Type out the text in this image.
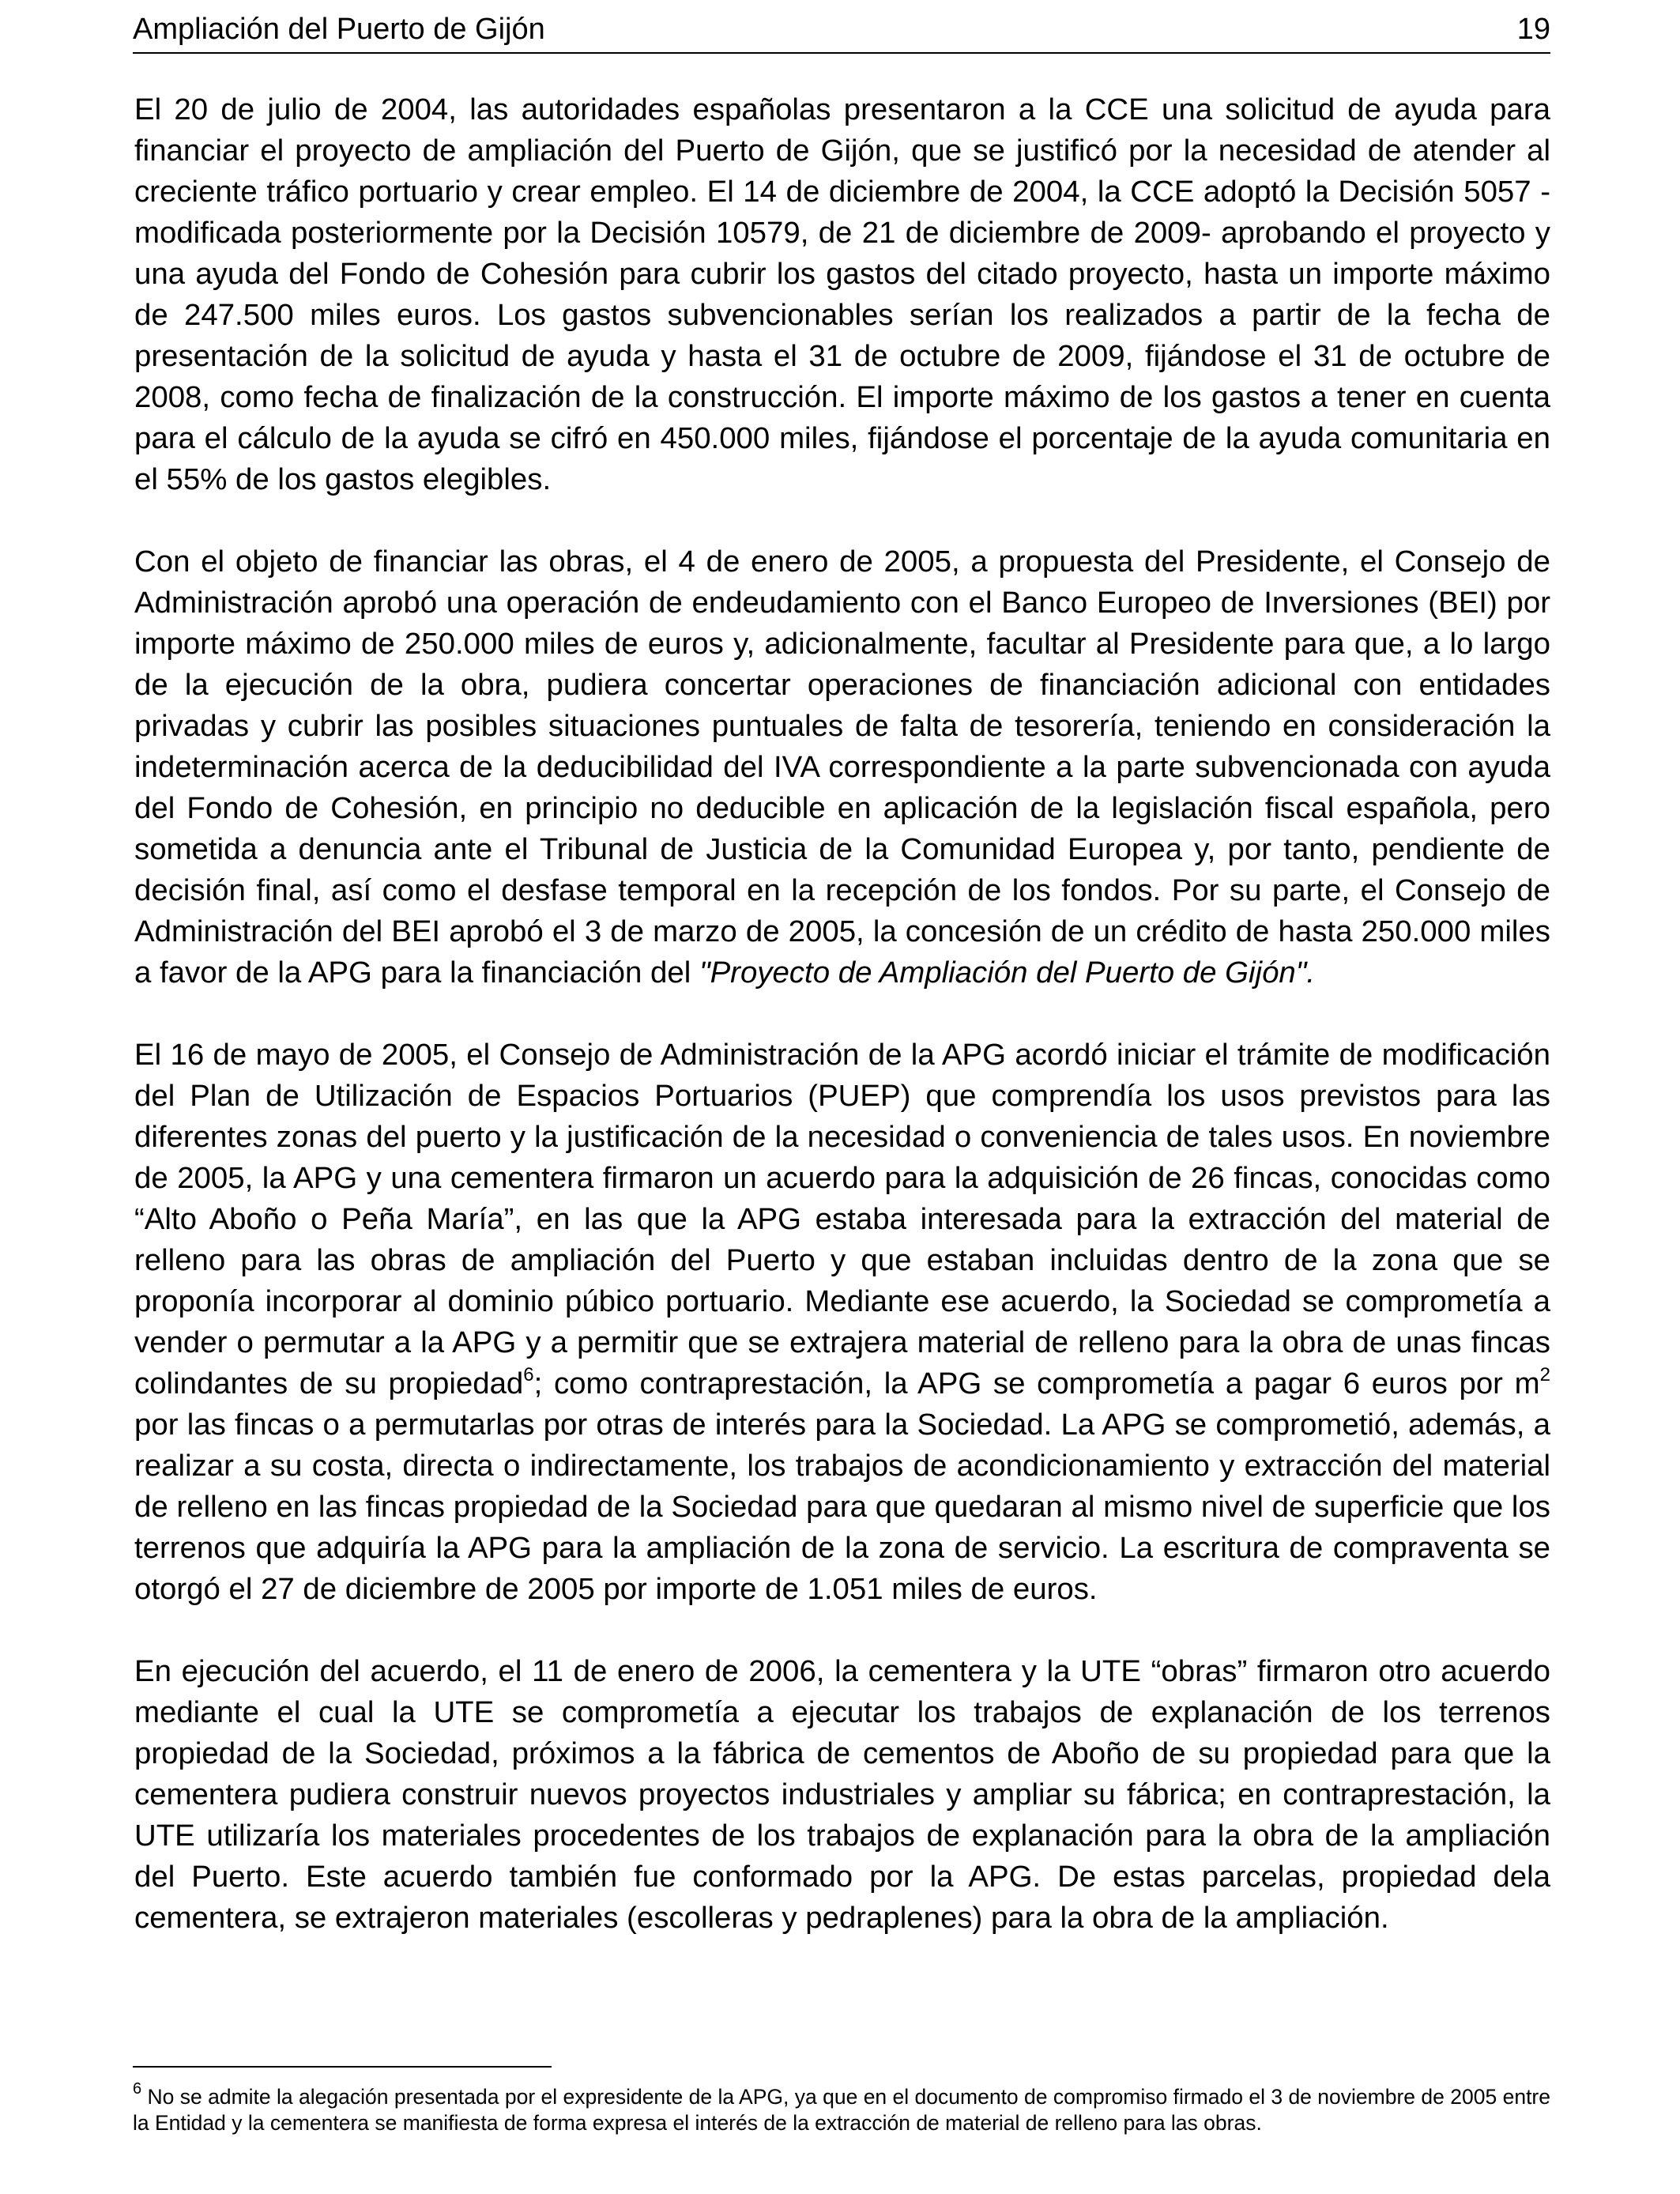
Ampliación del Puerto de Gijón	19

El 20 de julio de 2004, las autoridades españolas presentaron a la CCE una solicitud de ayuda para financiar el proyecto de ampliación del Puerto de Gijón, que se justificó por la necesidad de atender al creciente tráfico portuario y crear empleo. El 14 de diciembre de 2004, la CCE adoptó la Decisión 5057 - modificada posteriormente por la Decisión 10579, de 21 de diciembre de 2009- aprobando el proyecto y una ayuda del Fondo de Cohesión para cubrir los gastos del citado proyecto, hasta un importe máximo de 247.500 miles euros. Los gastos subvencionables serían los realizados a partir de la fecha de presentación de la solicitud de ayuda y hasta el 31 de octubre de 2009, fijándose el 31 de octubre de 2008, como fecha de finalización de la construcción. El importe máximo de los gastos a tener en cuenta para el cálculo de la ayuda se cifró en 450.000 miles, fijándose el porcentaje de la ayuda comunitaria en el 55% de los gastos elegibles.

Con el objeto de financiar las obras, el 4 de enero de 2005, a propuesta del Presidente, el Consejo de Administración aprobó una operación de endeudamiento con el Banco Europeo de Inversiones (BEI) por importe máximo de 250.000 miles de euros y, adicionalmente, facultar al Presidente para que, a lo largo de la ejecución de la obra, pudiera concertar operaciones de financiación adicional con entidades privadas y cubrir las posibles situaciones puntuales de falta de tesorería, teniendo en consideración la indeterminación acerca de la deducibilidad del IVA correspondiente a la parte subvencionada con ayuda del Fondo de Cohesión, en principio no deducible en aplicación de la legislación fiscal española, pero sometida a denuncia ante el Tribunal de Justicia de la Comunidad Europea y, por tanto, pendiente de decisión final, así como el desfase temporal en la recepción de los fondos. Por su parte, el Consejo de Administración del BEI aprobó el 3 de marzo de 2005, la concesión de un crédito de hasta 250.000 miles a favor de la APG para la financiación del "Proyecto de Ampliación del Puerto de Gijón".

El 16 de mayo de 2005, el Consejo de Administración de la APG acordó iniciar el trámite de modificación del Plan de Utilización de Espacios Portuarios (PUEP) que comprendía los usos previstos para las diferentes zonas del puerto y la justificación de la necesidad o conveniencia de tales usos. En noviembre de 2005, la APG y una cementera firmaron un acuerdo para la adquisición de 26 fincas, conocidas como “Alto Aboño o Peña María”, en las que la APG estaba interesada para la extracción del material de relleno para las obras de ampliación del Puerto y que estaban incluidas dentro de la zona que se proponía incorporar al dominio púbico portuario. Mediante ese acuerdo, la Sociedad se comprometía a vender o permutar a la APG y a permitir que se extrajera material de relleno para la obra de unas fincas colindantes de su propiedad$^6$; como contraprestación, la APG se comprometía a pagar 6 euros por $m^2$ por las fincas o a permutarlas por otras de interés para la Sociedad. La APG se comprometió, además, a realizar a su costa, directa o indirectamente, los trabajos de acondicionamiento y extracción del material de relleno en las fincas propiedad de la Sociedad para que quedaran al mismo nivel de superficie que los terrenos que adquiría la APG para la ampliación de la zona de servicio. La escritura de compraventa se otorgó el 27 de diciembre de 2005 por importe de 1.051 miles de euros.

En ejecución del acuerdo, el 11 de enero de 2006, la cementera y la UTE “obras” firmaron otro acuerdo mediante el cual la UTE se comprometía a ejecutar los trabajos de explanación de los terrenos propiedad de la Sociedad, próximos a la fábrica de cementos de Aboño de su propiedad para que la cementera pudiera construir nuevos proyectos industriales y ampliar su fábrica; en contraprestación, la UTE utilizaría los materiales procedentes de los trabajos de explanación para la obra de la ampliación del Puerto. Este acuerdo también fue conformado por la APG. De estas parcelas, propiedad dela cementera, se extrajeron materiales (escolleras y pedraplenes) para la obra de la ampliación.

$^6$ No se admite la alegación presentada por el expresidente de la APG, ya que en el documento de compromiso firmado el 3 de noviembre de 2005 entre la Entidad y la cementera se manifiesta de forma expresa el interés de la extracción de material de relleno para las obras.
